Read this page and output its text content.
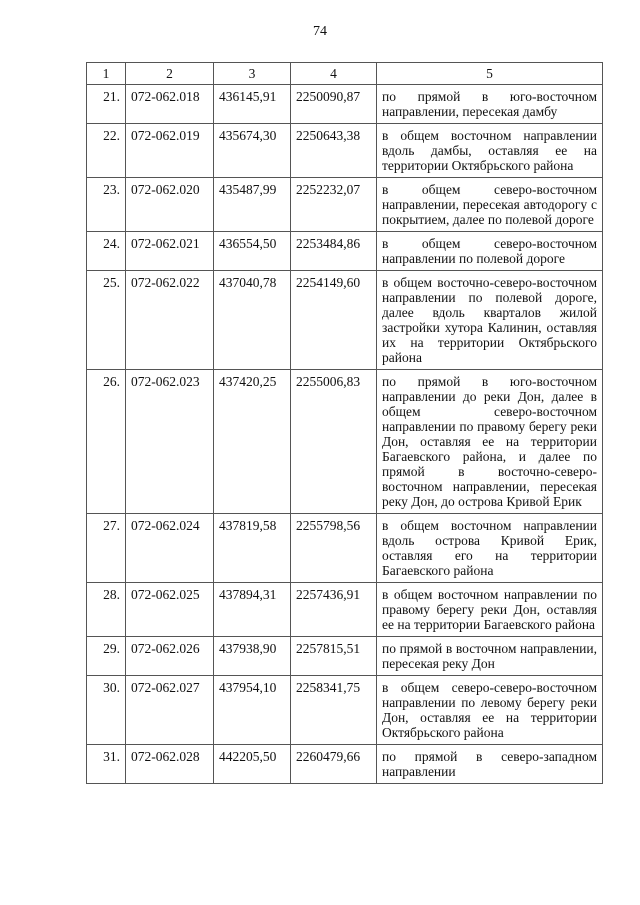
74
1	2	3	4	5
21.	072-062.018	436145,91	2250090,87	по прямой в юго-восточном направлении, пересекая дамбу
22.	072-062.019	435674,30	2250643,38	в общем восточном направлении вдоль дамбы, оставляя ее на территории Октябрьского района
23.	072-062.020	435487,99	2252232,07	в общем северо-восточном направлении, пересекая автодорогу с покрытием, далее по полевой дороге
24.	072-062.021	436554,50	2253484,86	в общем северо-восточном направлении по полевой дороге
25.	072-062.022	437040,78	2254149,60	в общем восточно-северо-восточном направлении по полевой дороге, далее вдоль кварталов жилой застройки хутора Калинин, оставляя их на территории Октябрьского района
26.	072-062.023	437420,25	2255006,83	по прямой в юго-восточном направлении до реки Дон, далее в общем северо-восточном направлении по правому берегу реки Дон, оставляя ее на территории Багаевского района, и далее по прямой в восточно-северо-восточном направлении, пересекая реку Дон, до острова Кривой Ерик
27.	072-062.024	437819,58	2255798,56	в общем восточном направлении вдоль острова Кривой Ерик, оставляя его на территории Багаевского района
28.	072-062.025	437894,31	2257436,91	в общем восточном направлении по правому берегу реки Дон, оставляя ее на территории Багаевского района
29.	072-062.026	437938,90	2257815,51	по прямой в восточном направлении, пересекая реку Дон
30.	072-062.027	437954,10	2258341,75	в общем северо-северо-восточном направлении по левому берегу реки Дон, оставляя ее на территории Октябрьского района
31.	072-062.028	442205,50	2260479,66	по прямой в северо-западном направлении
